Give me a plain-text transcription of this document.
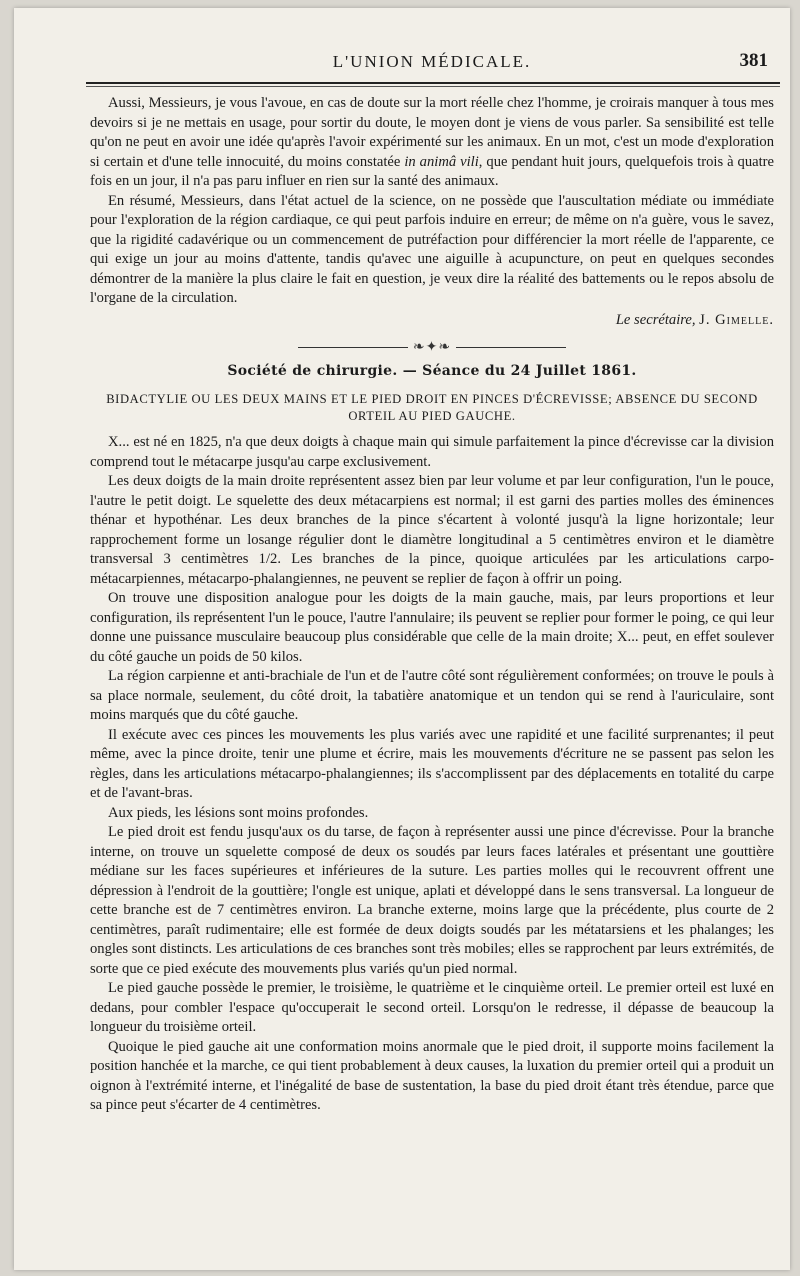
L'UNION MÉDICALE.	381

Aussi, Messieurs, je vous l'avoue, en cas de doute sur la mort réelle chez l'homme, je croirais manquer à tous mes devoirs si je ne mettais en usage, pour sortir du doute, le moyen dont je viens de vous parler. Sa sensibilité est telle qu'on ne peut en avoir une idée qu'après l'avoir expérimenté sur les animaux. En un mot, c'est un mode d'exploration si certain et d'une telle innocuité, du moins constatée in animâ vili, que pendant huit jours, quelquefois trois à quatre fois en un jour, il n'a pas paru influer en rien sur la santé des animaux.

En résumé, Messieurs, dans l'état actuel de la science, on ne possède que l'auscultation médiate ou immédiate pour l'exploration de la région cardiaque, ce qui peut parfois induire en erreur; de même on n'a guère, vous le savez, que la rigidité cadavérique ou un commencement de putréfaction pour différencier la mort réelle de l'apparente, ce qui exige un jour au moins d'attente, tandis qu'avec une aiguille à acupuncture, on peut en quelques secondes démontrer de la manière la plus claire le fait en question, je veux dire la réalité des battements ou le repos absolu de l'organe de la circulation.

Le secrétaire, J. Gimelle.
❧✦❧
Société de chirurgie. — Séance du 24 Juillet 1861.
BIDACTYLIE OU LES DEUX MAINS ET LE PIED DROIT EN PINCES D'ÉCREVISSE; ABSENCE DU SECOND ORTEIL AU PIED GAUCHE.

X... est né en 1825, n'a que deux doigts à chaque main qui simule parfaitement la pince d'écrevisse car la division comprend tout le métacarpe jusqu'au carpe exclusivement.

Les deux doigts de la main droite représentent assez bien par leur volume et par leur configuration, l'un le pouce, l'autre le petit doigt. Le squelette des deux métacarpiens est normal; il est garni des parties molles des éminences thénar et hypothénar. Les deux branches de la pince s'écartent à volonté jusqu'à la ligne horizontale; leur rapprochement forme un losange régulier dont le diamètre longitudinal a 5 centimètres environ et le diamètre transversal 3 centimètres 1/2. Les branches de la pince, quoique articulées par les articulations carpo-métacarpiennes, métacarpo-phalangiennes, ne peuvent se replier de façon à offrir un poing.

On trouve une disposition analogue pour les doigts de la main gauche, mais, par leurs proportions et leur configuration, ils représentent l'un le pouce, l'autre l'annulaire; ils peuvent se replier pour former le poing, ce qui leur donne une puissance musculaire beaucoup plus considérable que celle de la main droite; X... peut, en effet soulever du côté gauche un poids de 50 kilos.

La région carpienne et anti-brachiale de l'un et de l'autre côté sont régulièrement conformées; on trouve le pouls à sa place normale, seulement, du côté droit, la tabatière anatomique et un tendon qui se rend à l'auriculaire, sont moins marqués que du côté gauche.

Il exécute avec ces pinces les mouvements les plus variés avec une rapidité et une facilité surprenantes; il peut même, avec la pince droite, tenir une plume et écrire, mais les mouvements d'écriture ne se passent pas selon les règles, dans les articulations métacarpo-phalangiennes; ils s'accomplissent par des déplacements en totalité du carpe et de l'avant-bras.

Aux pieds, les lésions sont moins profondes.

Le pied droit est fendu jusqu'aux os du tarse, de façon à représenter aussi une pince d'écrevisse. Pour la branche interne, on trouve un squelette composé de deux os soudés par leurs faces latérales et présentant une gouttière médiane sur les faces supérieures et inférieures de la suture. Les parties molles qui le recouvrent offrent une dépression à l'endroit de la gouttière; l'ongle est unique, aplati et développé dans le sens transversal. La longueur de cette branche est de 7 centimètres environ. La branche externe, moins large que la précédente, plus courte de 2 centimètres, paraît rudimentaire; elle est formée de deux doigts soudés par les métatarsiens et les phalanges; les ongles sont distincts. Les articulations de ces branches sont très mobiles; elles se rapprochent par leurs extrémités, de sorte que ce pied exécute des mouvements plus variés qu'un pied normal.

Le pied gauche possède le premier, le troisième, le quatrième et le cinquième orteil. Le premier orteil est luxé en dedans, pour combler l'espace qu'occuperait le second orteil. Lorsqu'on le redresse, il dépasse de beaucoup la longueur du troisième orteil.

Quoique le pied gauche ait une conformation moins anormale que le pied droit, il supporte moins facilement la position hanchée et la marche, ce qui tient probablement à deux causes, la luxation du premier orteil qui a produit un oignon à l'extrémité interne, et l'inégalité de base de sustentation, la base du pied droit étant très étendue, parce que sa pince peut s'écarter de 4 centimètres.
